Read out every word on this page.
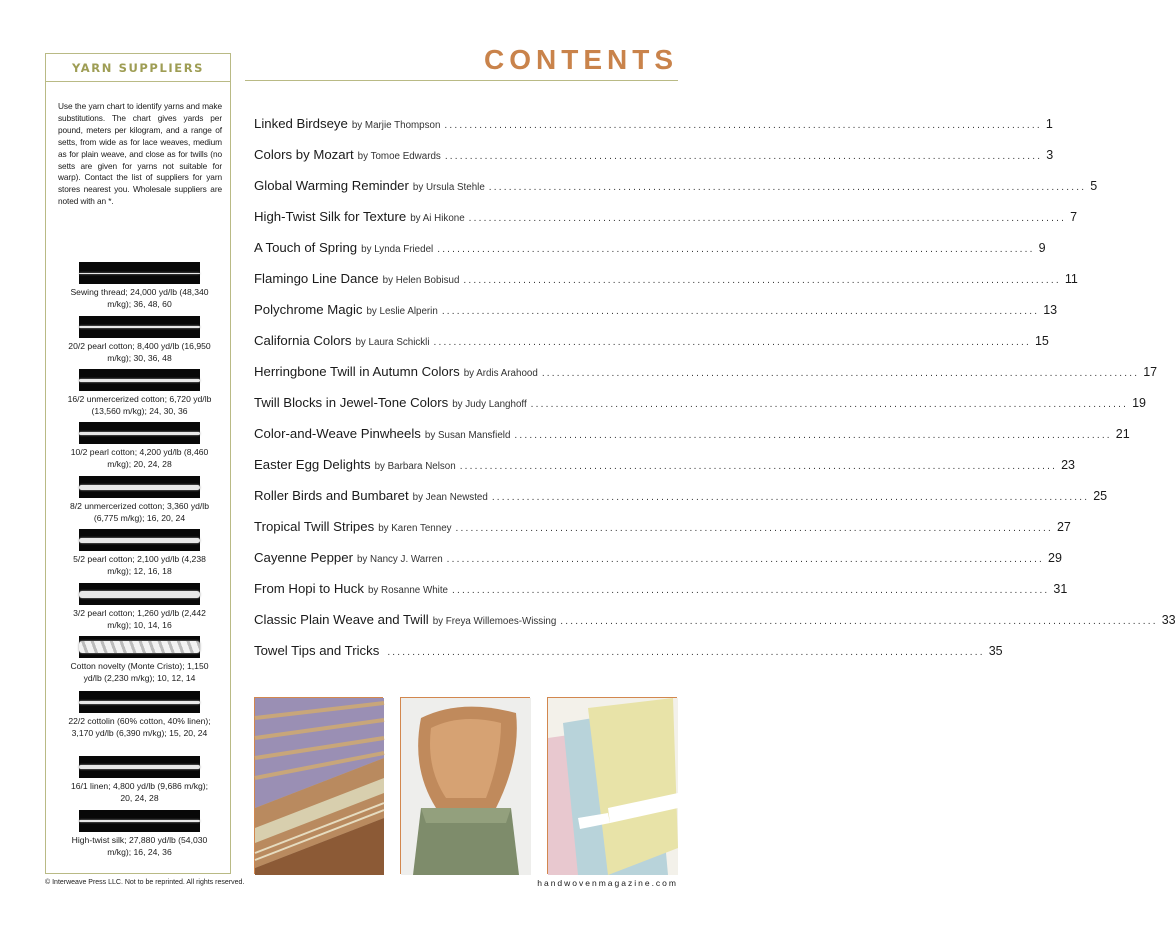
YARN SUPPLIERS

Use the yarn chart to identify yarns and make substitutions. The chart gives yards per pound, meters per kilogram, and a range of setts, from wide as for lace weaves, medium as for plain weave, and close as for twills (no setts are given for yarns not suitable for warp). Contact the list of suppliers for yarn stores nearest you. Wholesale suppliers are noted with an *.

Sewing thread; 24,000 yd/lb (48,340 m/kg); 36, 48, 60
20/2 pearl cotton; 8,400 yd/lb (16,950 m/kg); 30, 36, 48
16/2 unmercerized cotton; 6,720 yd/lb (13,560 m/kg); 24, 30, 36
10/2 pearl cotton; 4,200 yd/lb (8,460 m/kg); 20, 24, 28
8/2 unmercerized cotton; 3,360 yd/lb (6,775 m/kg); 16, 20, 24
5/2 pearl cotton; 2,100 yd/lb (4,238 m/kg); 12, 16, 18
3/2 pearl cotton; 1,260 yd/lb (2,442 m/kg); 10, 14, 16
Cotton novelty (Monte Cristo); 1,150 yd/lb (2,230 m/kg); 10, 12, 14
22/2 cottolin (60% cotton, 40% linen); 3,170 yd/lb (6,390 m/kg); 15, 20, 24
16/1 linen; 4,800 yd/lb (9,686 m/kg); 20, 24, 28
High-twist silk; 27,880 yd/lb (54,030 m/kg); 16, 24, 36
CONTENTS
Linked Birdseye by Marjie Thompson ........................................................................................................................ 1
Colors by Mozart by Tomoe Edwards ........................................................................................................................ 3
Global Warming Reminder by Ursula Stehle ........................................................................................................................ 5
High-Twist Silk for Texture by Ai Hikone ........................................................................................................................ 7
A Touch of Spring by Lynda Friedel ........................................................................................................................ 9
Flamingo Line Dance by Helen Bobisud ........................................................................................................................ 11
Polychrome Magic by Leslie Alperin ........................................................................................................................ 13
California Colors by Laura Schickli ........................................................................................................................ 15
Herringbone Twill in Autumn Colors by Ardis Arahood ........................................................................................................................ 17
Twill Blocks in Jewel-Tone Colors by Judy Langhoff ........................................................................................................................ 19
Color-and-Weave Pinwheels by Susan Mansfield ........................................................................................................................ 21
Easter Egg Delights by Barbara Nelson ........................................................................................................................ 23
Roller Birds and Bumbaret by Jean Newsted ........................................................................................................................ 25
Tropical Twill Stripes by Karen Tenney ........................................................................................................................ 27
Cayenne Pepper by Nancy J. Warren ........................................................................................................................ 29
From Hopi to Huck by Rosanne White ........................................................................................................................ 31
Classic Plain Weave and Twill by Freya Willemoes-Wissing ........................................................................................................................ 33
Towel Tips and Tricks ........................................................................................................................ 35
© Interweave Press LLC. Not to be reprinted. All rights reserved.	handwovenmagazine.com
